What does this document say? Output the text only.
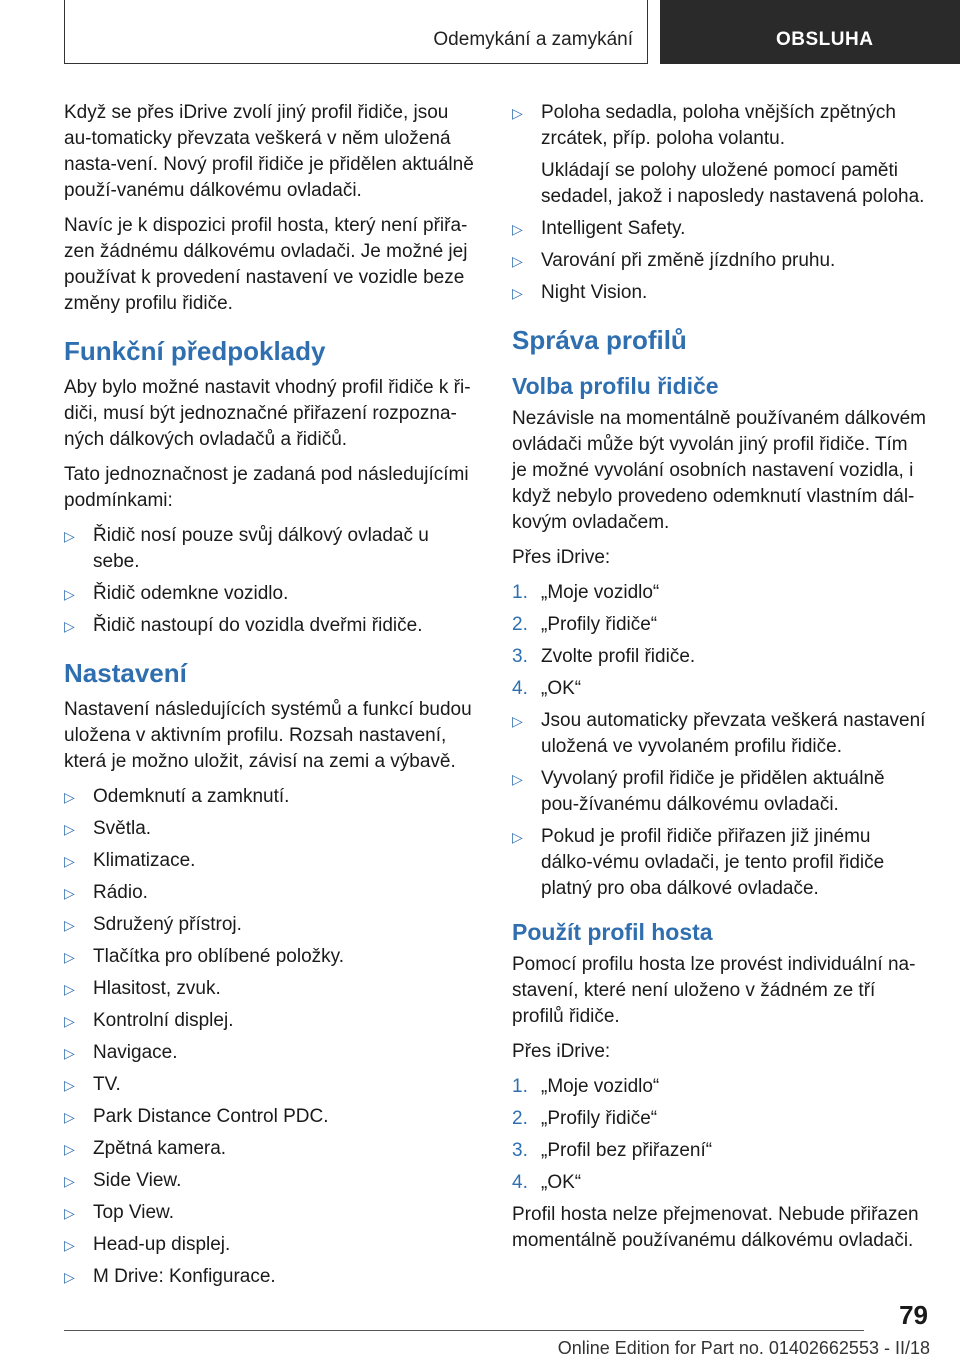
Odemykání a zamykání	OBSLUHA

Když se přes iDrive zvolí jiný profil řidiče, jsou au-tomaticky převzata veškerá v něm uložená nasta-vení. Nový profil řidiče je přidělen aktuálně použí-vanému dálkovému ovladači.

Navíc je k dispozici profil hosta, který není přiřa-zen žádnému dálkovému ovladači. Je možné jej používat k provedení nastavení ve vozidle beze změny profilu řidiče.

Funkční předpoklady

Aby bylo možné nastavit vhodný profil řidiče k ři-diči, musí být jednoznačné přiřazení rozpozna-ných dálkových ovladačů a řidičů.

Tato jednoznačnost je zadaná pod následujícími podmínkami:

▷ Řidič nosí pouze svůj dálkový ovladač u sebe.
▷ Řidič odemkne vozidlo.
▷ Řidič nastoupí do vozidla dveřmi řidiče.
Nastavení

Nastavení následujících systémů a funkcí budou uložena v aktivním profilu. Rozsah nastavení, která je možno uložit, závisí na zemi a výbavě.

▷ Odemknutí a zamknutí.
▷ Světla.
▷ Klimatizace.
▷ Rádio.
▷ Sdružený přístroj.
▷ Tlačítka pro oblíbené položky.
▷ Hlasitost, zvuk.
▷ Kontrolní displej.
▷ Navigace.
▷ TV.
▷ Park Distance Control PDC.
▷ Zpětná kamera.
▷ Side View.
▷ Top View.
▷ Head-up displej.
▷ M Drive: Konfigurace.
▷ Poloha sedadla, poloha vnějších zpětných zrcátek, příp. poloha volantu.
Ukládají se polohy uložené pomocí paměti sedadel, jakož i naposledy nastavená poloha.
▷ Intelligent Safety.
▷ Varování při změně jízdního pruhu.
▷ Night Vision.
Správa profilů
Volba profilu řidiče

Nezávisle na momentálně používaném dálkovém ovládači může být vyvolán jiný profil řidiče. Tím je možné vyvolání osobních nastavení vozidla, i když nebylo provedeno odemknutí vlastním dál-kovým ovladačem.

Přes iDrive:

1. „Moje vozidlo“
2. „Profily řidiče“
3. Zvolte profil řidiče.
4. „OK“
▷ Jsou automaticky převzata veškerá nastavení uložená ve vyvolaném profilu řidiče.
▷ Vyvolaný profil řidiče je přidělen aktuálně pou-žívanému dálkovému ovladači.
▷ Pokud je profil řidiče přiřazen již jinému dálko-vému ovladači, je tento profil řidiče platný pro oba dálkové ovladače.
Použít profil hosta

Pomocí profilu hosta lze provést individuální na-stavení, které není uloženo v žádném ze tří profilů řidiče.

Přes iDrive:

1. „Moje vozidlo“
2. „Profily řidiče“
3. „Profil bez přiřazení“
4. „OK“

Profil hosta nelze přejmenovat. Nebude přiřazen momentálně používanému dálkovému ovladači.

79
Online Edition for Part no. 01402662553 - II/18
